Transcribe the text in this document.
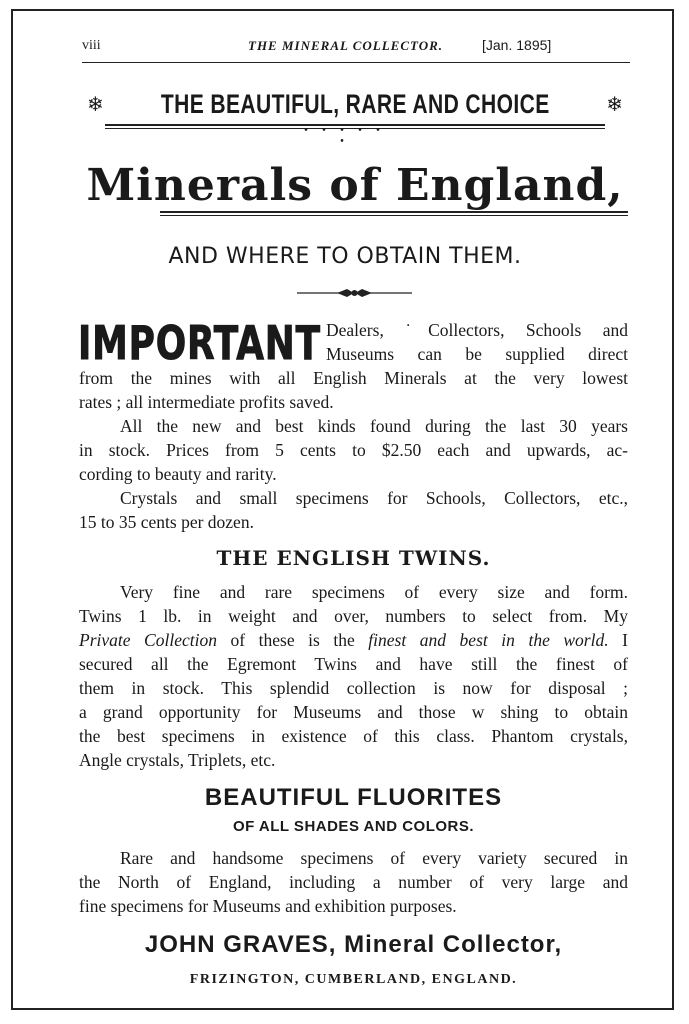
viii	THE MINERAL COLLECTOR.	[Jan. 1895]
❄ THE BEAUTIFUL, RARE AND CHOICE	❄
• • • • • •
Minerals of England,
AND WHERE TO OBTAIN THEM.
IMPORTANT Dealers, ˙Collectors, Schools and
Museums can be supplied direct
from the mines with all English Minerals at the very lowest
rates ; all intermediate profits saved.
All the new and best kinds found during the last 30 years
in stock. Prices from 5 cents to $2.50 each and upwards, ac-
cording to beauty and rarity.
Crystals and small specimens for Schools, Collectors, etc.,
15 to 35 cents per dozen.
THE ENGLISH TWINS.
Very fine and rare specimens of every size and form.
Twins 1 lb. in weight and over, numbers to select from. My
Private Collection of these is the finest and best in the world. I
secured all the Egremont Twins and have still the finest of
them in stock. This splendid collection is now for disposal ;
a grand opportunity for Museums and those w shing to obtain
the best specimens in existence of this class. Phantom crystals,
Angle crystals, Triplets, etc.
BEAUTIFUL FLUORITES
OF ALL SHADES AND COLORS.
Rare and handsome specimens of every variety secured in
the North of England, including a number of very large and
fine specimens for Museums and exhibition purposes.
JOHN GRAVES, Mineral Collector,
FRIZINGTON, CUMBERLAND, ENGLAND.
